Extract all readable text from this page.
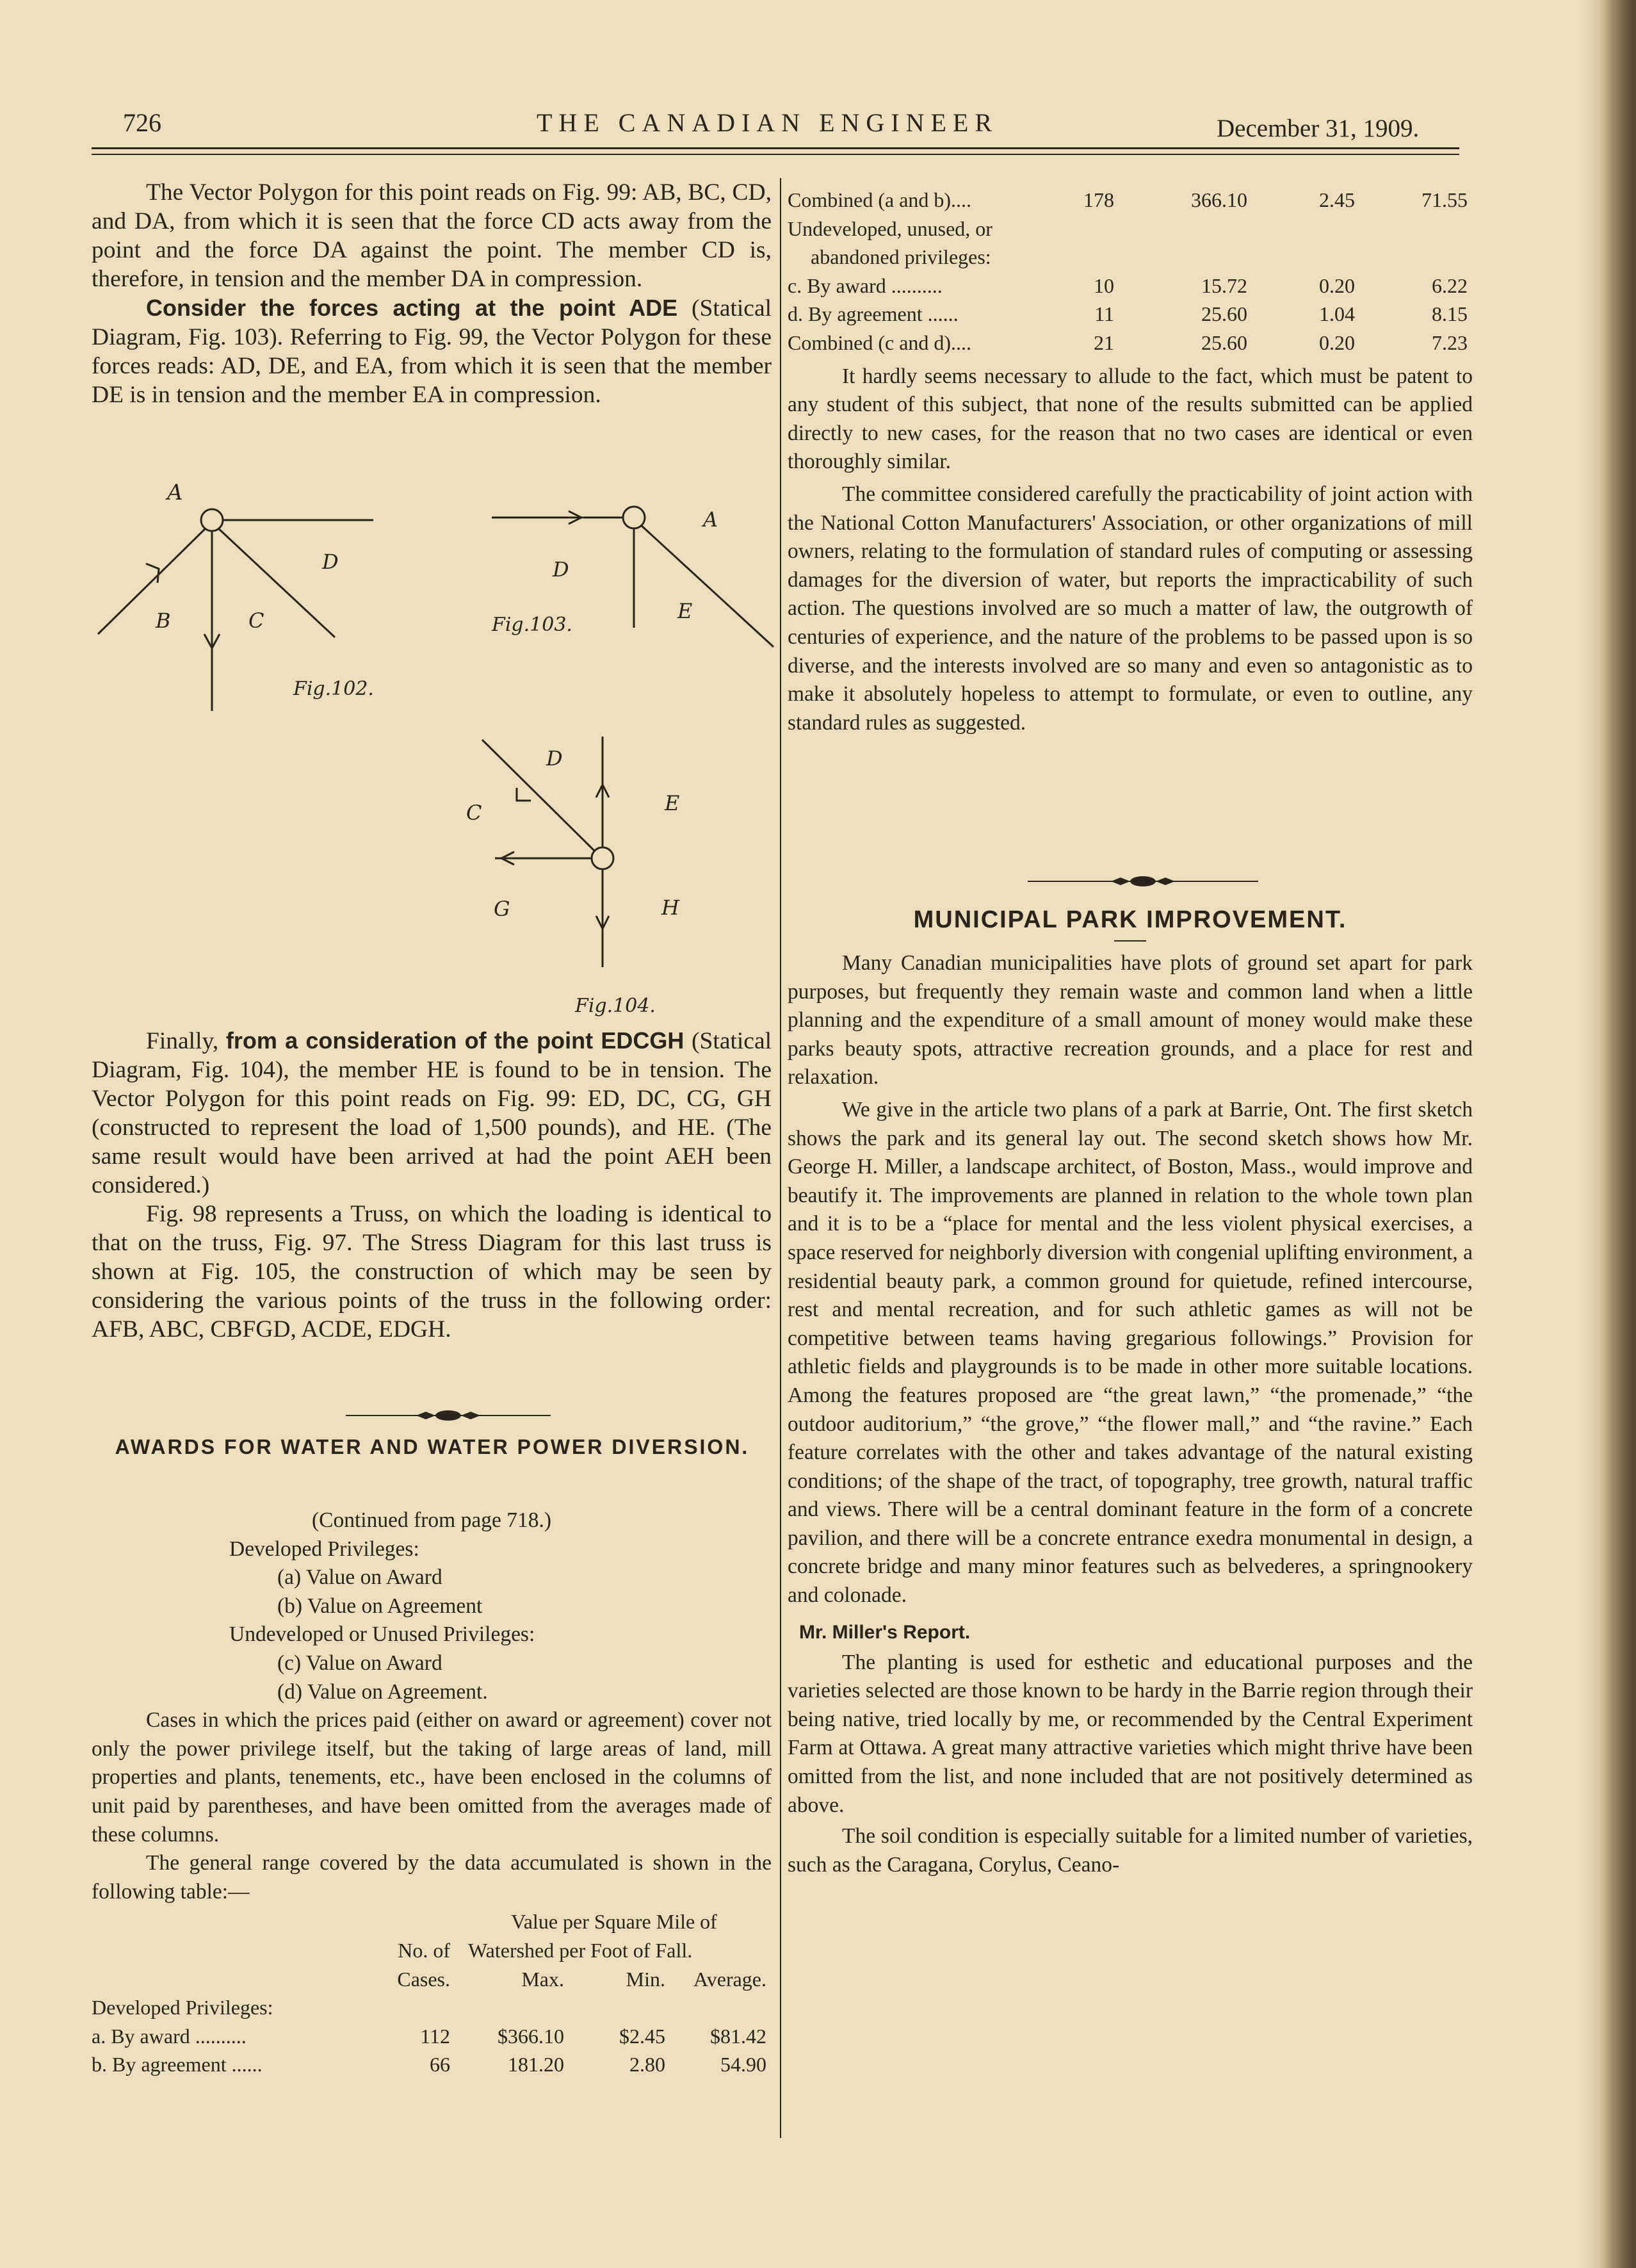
726	THE CANADIAN ENGINEER	December 31, 1909.

The Vector Polygon for this point reads on Fig. 99: AB, BC, CD, and DA, from which it is seen that the force CD acts away from the point and the force DA against the point. The member CD is, therefore, in tension and the member DA in compression.

Consider the forces acting at the point ADE (Statical Diagram, Fig. 103). Referring to Fig. 99, the Vector Polygon for these forces reads: AD, DE, and EA, from which it is seen that the member DE is in tension and the member EA in compression.

A
B	C
D
Fig.102.
A
D
E
Fig.103.
D
C	E
G	H
Fig.104.

Finally, from a consideration of the point EDCGH (Statical Diagram, Fig. 104), the member HE is found to be in tension. The Vector Polygon for this point reads on Fig. 99: ED, DC, CG, GH (constructed to represent the load of 1,500 pounds), and HE. (The same result would have been arrived at had the point AEH been considered.)

Fig. 98 represents a Truss, on which the loading is identical to that on the truss, Fig. 97. The Stress Diagram for this last truss is shown at Fig. 105, the construction of which may be seen by considering the various points of the truss in the following order: AFB, ABC, CBFGD, ACDE, EDGH.

AWARDS FOR WATER AND WATER POWER DIVERSION.
(Continued from page 718.)
Developed Privileges:
(a) Value on Award
(b) Value on Agreement
Undeveloped or Unused Privileges:
(c) Value on Award
(d) Value on Agreement.

Cases in which the prices paid (either on award or agreement) cover not only the power privilege itself, but the taking of large areas of land, mill properties and plants, tenements, etc., have been enclosed in the columns of unit paid by parentheses, and have been omitted from the averages made of these columns.

The general range covered by the data accumulated is shown in the following table:—

	Value per Square Mile of			
	No. of	Watershed per Foot of Fall.		
	Cases.	Max.	Min.	Average.
Developed Privileges:				
a. By award ..........	112	$366.10	$2.45	$81.42
b. By agreement ......	66	181.20	2.80	54.90
Combined (a and b)....	178	366.10	2.45	71.55
Undeveloped, unused, or				
abandoned privileges:				
c. By award ..........	10	15.72	0.20	6.22
d. By agreement ......	11	25.60	1.04	8.15
Combined (c and d)....	21	25.60	0.20	7.23

It hardly seems necessary to allude to the fact, which must be patent to any student of this subject, that none of the results submitted can be applied directly to new cases, for the reason that no two cases are identical or even thoroughly similar.

The committee considered carefully the practicability of joint action with the National Cotton Manufacturers' Association, or other organizations of mill owners, relating to the formulation of standard rules of computing or assessing damages for the diversion of water, but reports the impracticability of such action. The questions involved are so much a matter of law, the outgrowth of centuries of experience, and the nature of the problems to be passed upon is so diverse, and the interests involved are so many and even so antagonistic as to make it absolutely hopeless to attempt to formulate, or even to outline, any standard rules as suggested.

MUNICIPAL PARK IMPROVEMENT.

Many Canadian municipalities have plots of ground set apart for park purposes, but frequently they remain waste and common land when a little planning and the expenditure of a small amount of money would make these parks beauty spots, attractive recreation grounds, and a place for rest and relaxation.

We give in the article two plans of a park at Barrie, Ont. The first sketch shows the park and its general lay out. The second sketch shows how Mr. George H. Miller, a landscape architect, of Boston, Mass., would improve and beautify it. The improvements are planned in relation to the whole town plan and it is to be a “place for mental and the less violent physical exercises, a space reserved for neighborly diversion with congenial uplifting environment, a residential beauty park, a common ground for quietude, refined intercourse, rest and mental recreation, and for such athletic games as will not be competitive between teams having gregarious followings.” Provision for athletic fields and playgrounds is to be made in other more suitable locations. Among the features proposed are “the great lawn,” “the promenade,” “the outdoor auditorium,” “the grove,” “the flower mall,” and “the ravine.” Each feature correlates with the other and takes advantage of the natural existing conditions; of the shape of the tract, of topography, tree growth, natural traffic and views. There will be a central dominant feature in the form of a concrete pavilion, and there will be a concrete entrance exedra monumental in design, a concrete bridge and many minor features such as belvederes, a springnookery and colonade.

Mr. Miller's Report.

The planting is used for esthetic and educational purposes and the varieties selected are those known to be hardy in the Barrie region through their being native, tried locally by me, or recommended by the Central Experiment Farm at Ottawa. A great many attractive varieties which might thrive have been omitted from the list, and none included that are not positively determined as above.

The soil condition is especially suitable for a limited number of varieties, such as the Caragana, Corylus, Ceano-
